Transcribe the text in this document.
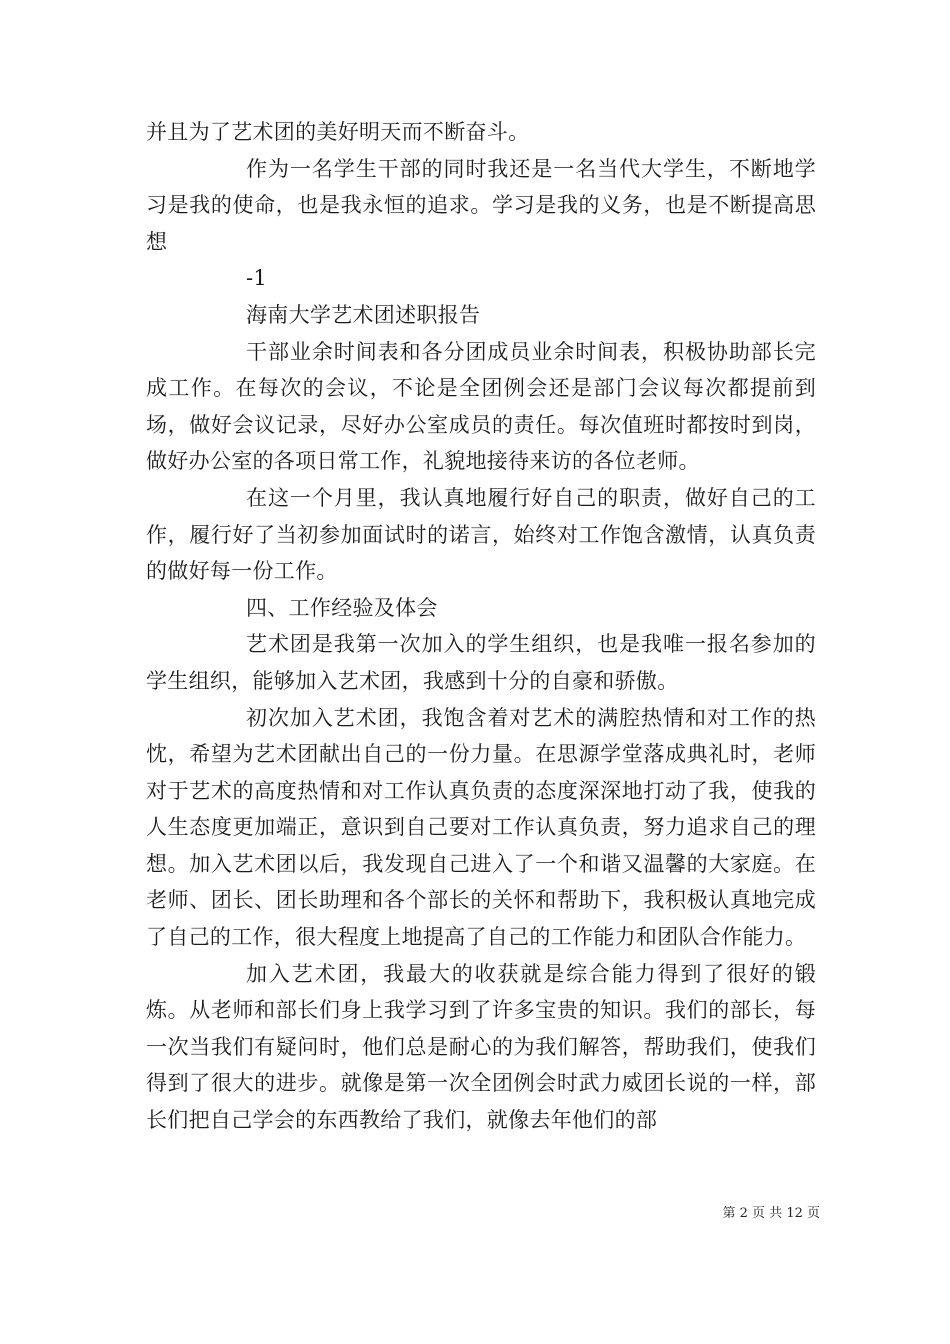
并且为了艺术团的美好明天而不断奋斗。

作为一名学生干部的同时我还是一名当代大学生，不断地学习是我的使命，也是我永恒的追求。学习是我的义务，也是不断提高思想

-1

海南大学艺术团述职报告

干部业余时间表和各分团成员业余时间表，积极协助部长完成工作。在每次的会议，不论是全团例会还是部门会议每次都提前到场，做好会议记录，尽好办公室成员的责任。每次值班时都按时到岗，做好办公室的各项日常工作，礼貌地接待来访的各位老师。

在这一个月里，我认真地履行好自己的职责，做好自己的工作，履行好了当初参加面试时的诺言，始终对工作饱含激情，认真负责的做好每一份工作。

四、工作经验及体会

艺术团是我第一次加入的学生组织，也是我唯一报名参加的学生组织，能够加入艺术团，我感到十分的自豪和骄傲。

初次加入艺术团，我饱含着对艺术的满腔热情和对工作的热忱，希望为艺术团献出自己的一份力量。在思源学堂落成典礼时，老师对于艺术的高度热情和对工作认真负责的态度深深地打动了我，使我的人生态度更加端正，意识到自己要对工作认真负责，努力追求自己的理想。加入艺术团以后，我发现自己进入了一个和谐又温馨的大家庭。在老师、团长、团长助理和各个部长的关怀和帮助下，我积极认真地完成了自己的工作，很大程度上地提高了自己的工作能力和团队合作能力。

加入艺术团，我最大的收获就是综合能力得到了很好的锻炼。从老师和部长们身上我学习到了许多宝贵的知识。我们的部长，每一次当我们有疑问时，他们总是耐心的为我们解答，帮助我们，使我们得到了很大的进步。就像是第一次全团例会时武力威团长说的一样，部长们把自己学会的东西教给了我们，就像去年他们的部

第 2 页 共 12 页
